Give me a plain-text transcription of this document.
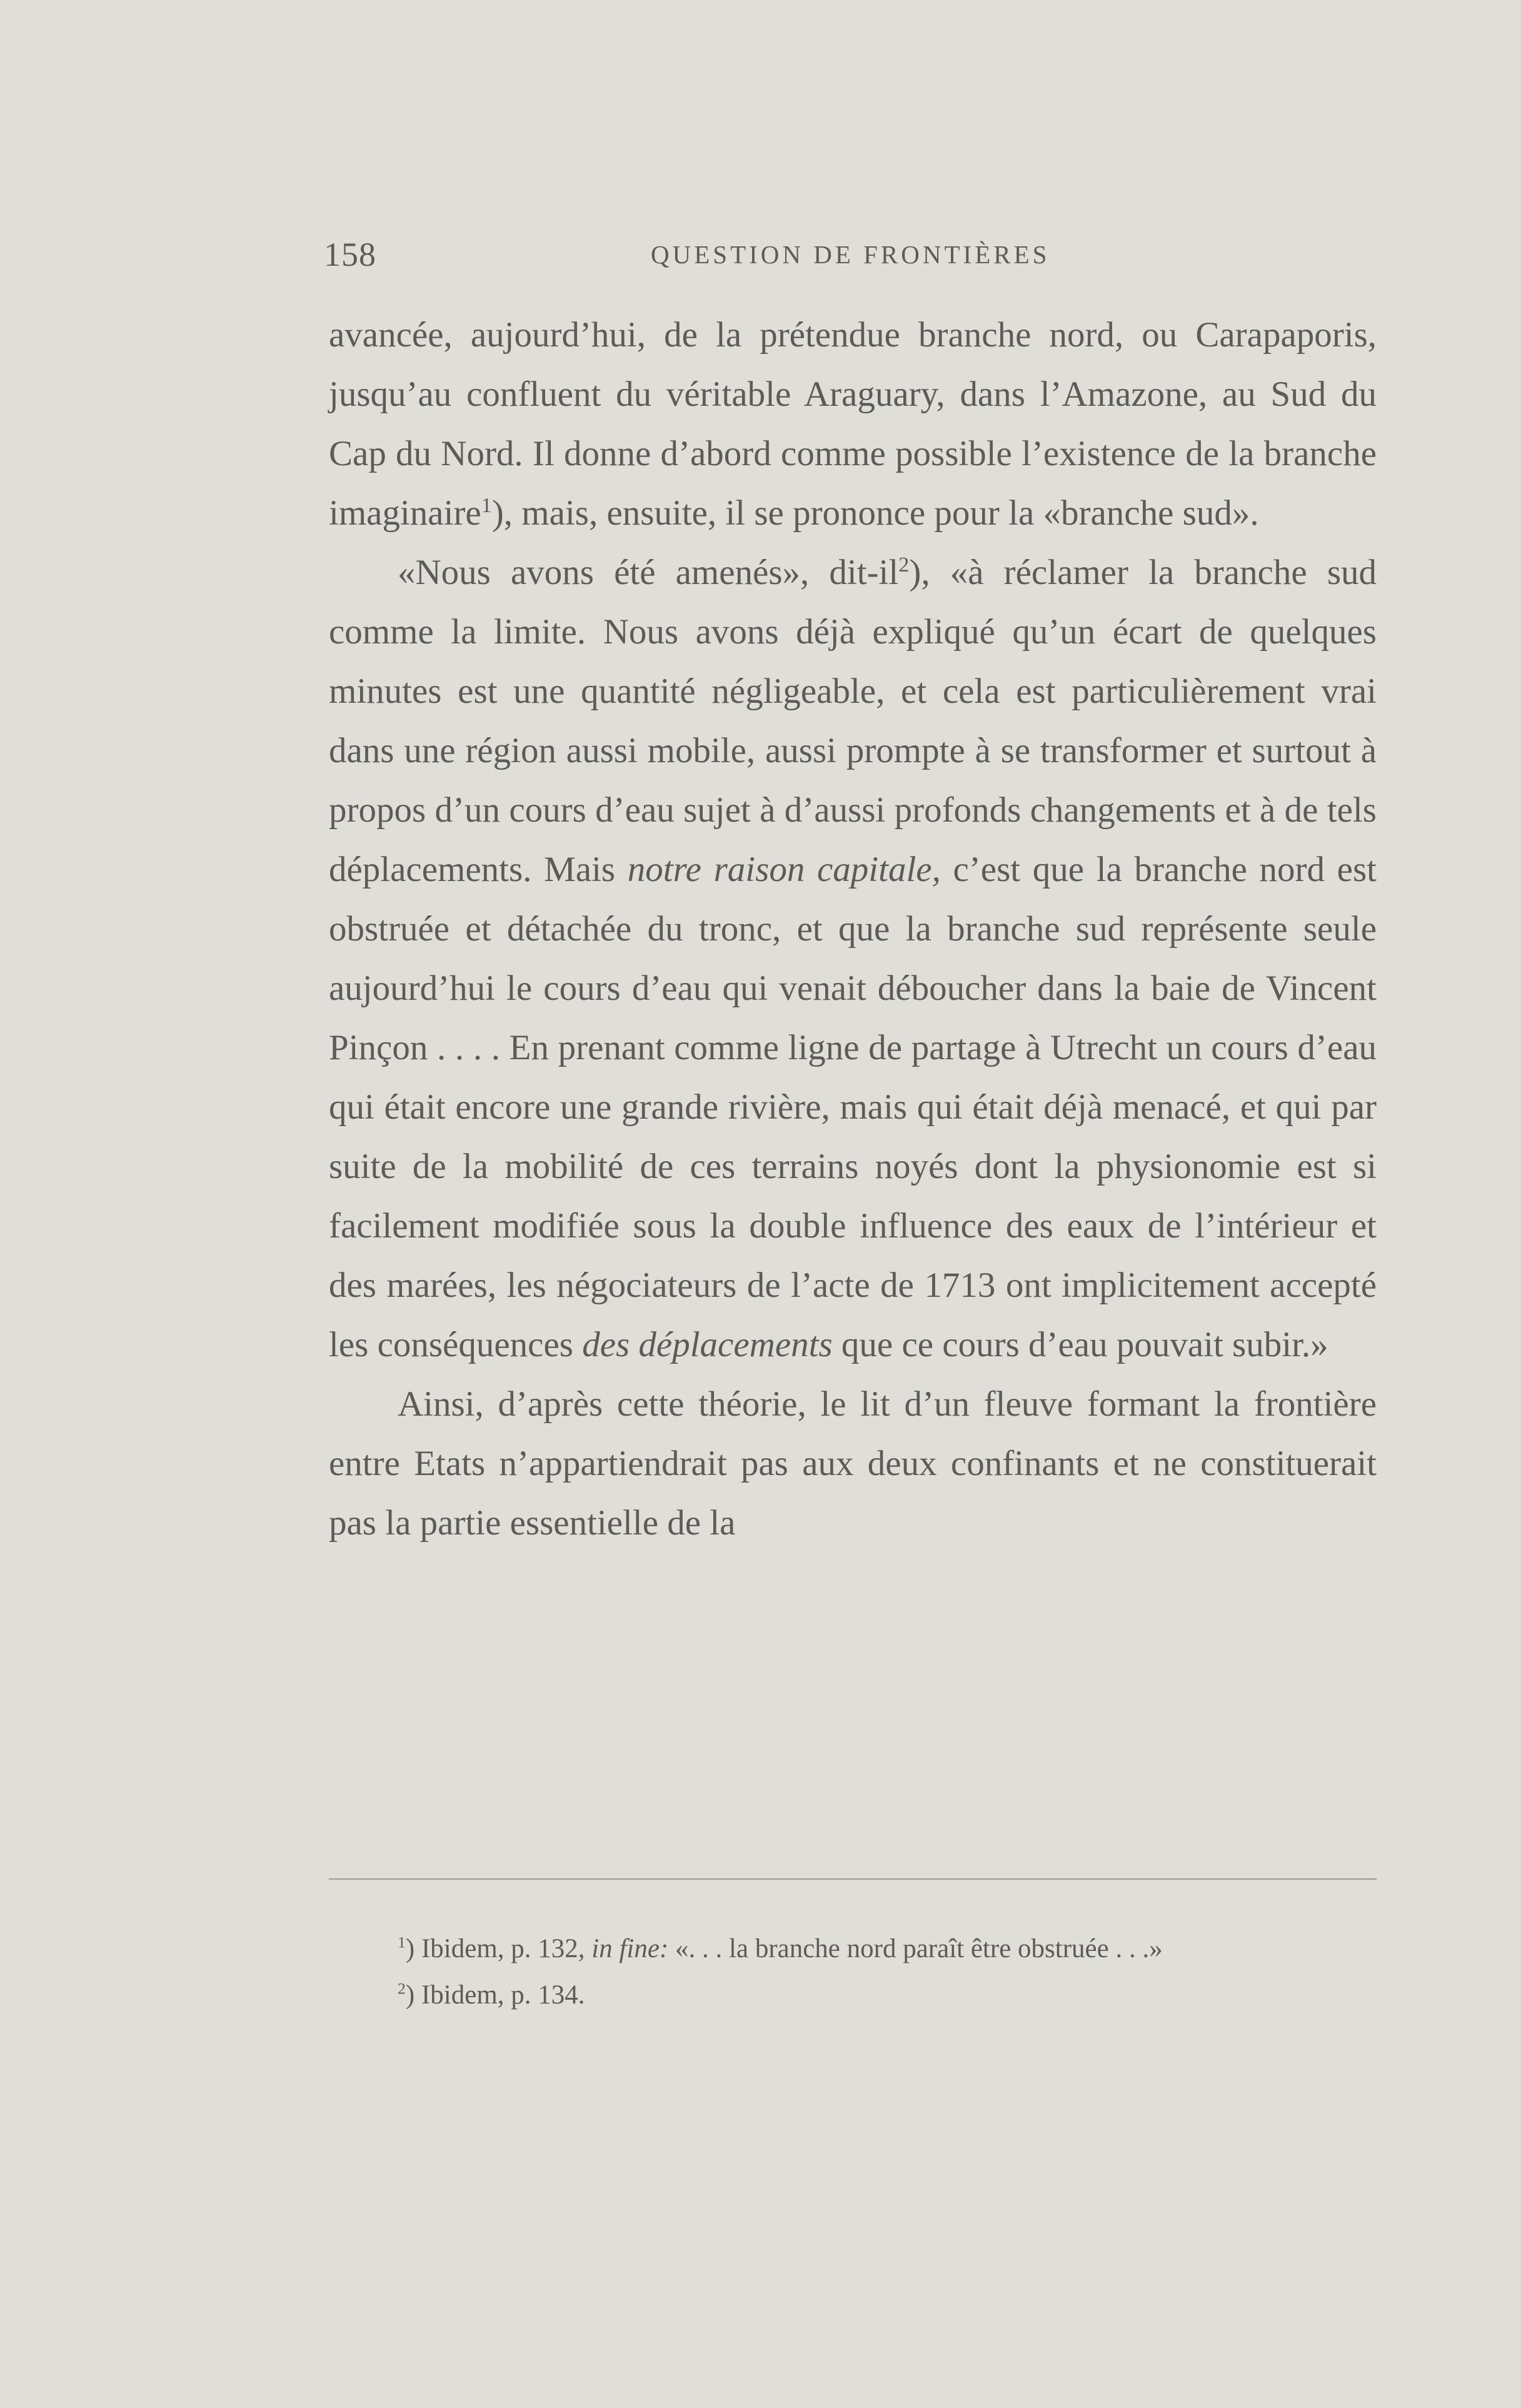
158	QUESTION DE FRONTIÈRES

avancée, aujourd’hui, de la prétendue branche nord, ou Carapaporis, jusqu’au confluent du véritable Araguary, dans l’Amazone, au Sud du Cap du Nord. Il donne d’abord comme possible l’existence de la branche imaginaire$^1$), mais, ensuite, il se prononce pour la «branche sud».

«Nous avons été amenés», dit-$il^2$), «à réclamer la branche sud comme la limite. Nous avons déjà expliqué qu’un écart de quelques minutes est une quantité négligeable, et cela est particulièrement vrai dans une région aussi mobile, aussi prompte à se transformer et surtout à propos d’un cours d’eau sujet à d’aussi profonds changements et à de tels déplacements. Mais notre raison capitale, c’est que la branche nord est obstruée et détachée du tronc, et que la branche sud représente seule aujourd’hui le cours d’eau qui venait déboucher dans la baie de Vincent Pinçon . . . . En prenant comme ligne de partage à Utrecht un cours d’eau qui était encore une grande rivière, mais qui était déjà menacé, et qui par suite de la mobilité de ces terrains noyés dont la physionomie est si facilement modifiée sous la double influence des eaux de l’intérieur et des marées, les négociateurs de l’acte de 1713 ont implicitement accepté les conséquences des déplacements que ce cours d’eau pouvait subir.»

Ainsi, d’après cette théorie, le lit d’un fleuve formant la frontière entre Etats n’appartiendrait pas aux deux confinants et ne constituerait pas la partie essentielle de la

$^1$) Ibidem, p. 132, in fine: «. . . la branche nord paraît être obstruée . . .»
$^2$) Ibidem, p. 134.
